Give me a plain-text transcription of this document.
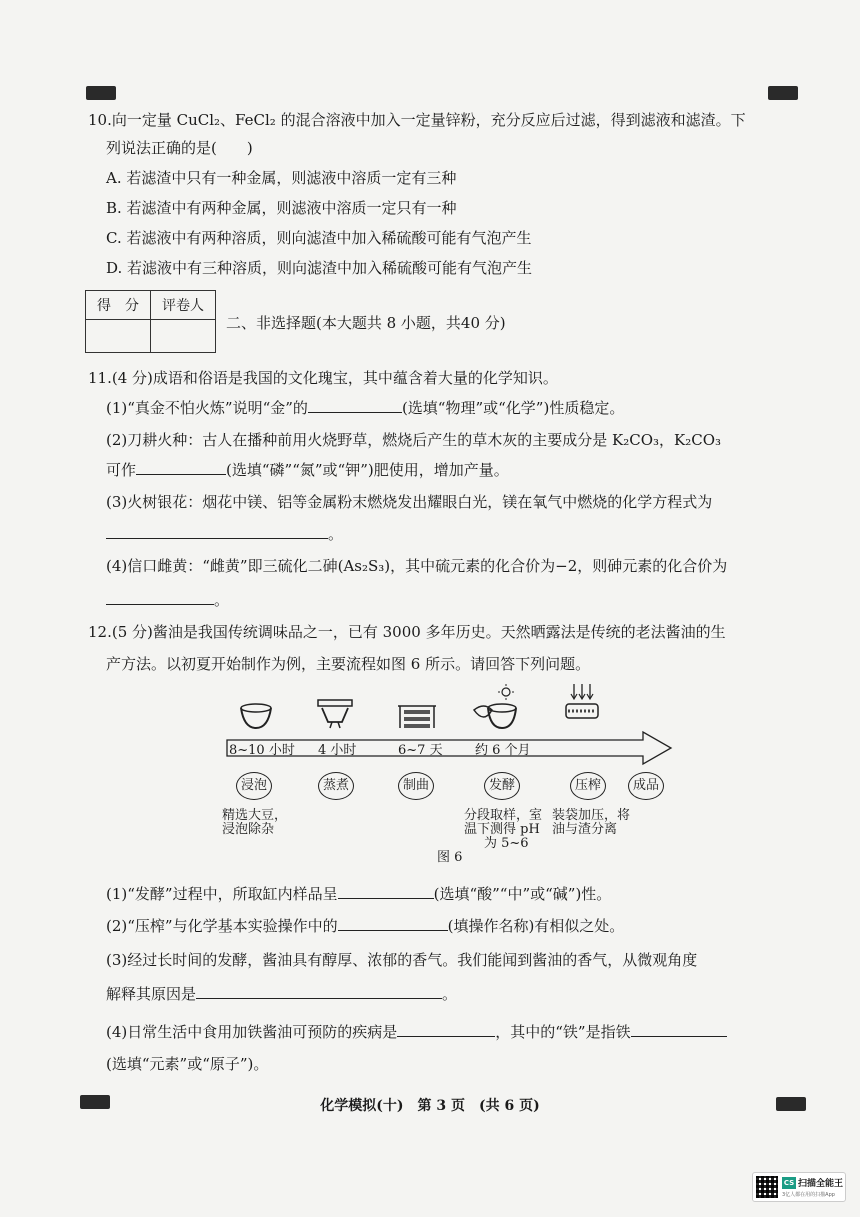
10.向一定量 CuCl₂、FeCl₂ 的混合溶液中加入一定量锌粉，充分反应后过滤，得到滤液和滤渣。下
列说法正确的是(　　)
A. 若滤渣中只有一种金属，则滤液中溶质一定有三种
B. 若滤渣中有两种金属，则滤液中溶质一定只有一种
C. 若滤液中有两种溶质，则向滤渣中加入稀硫酸可能有气泡产生
D. 若滤液中有三种溶质，则向滤渣中加入稀硫酸可能有气泡产生
得　分	评卷人

二、非选择题(本大题共 8 小题，共40 分)
11.(4 分)成语和俗语是我国的文化瑰宝，其中蕴含着大量的化学知识。
(1)“真金不怕火炼”说明“金”的	(选填“物理”或“化学”)性质稳定。
(2)刀耕火种：古人在播种前用火烧野草，燃烧后产生的草木灰的主要成分是 K₂CO₃，K₂CO₃
可作	(选填“磷”“氮”或“钾”)肥使用，增加产量。
(3)火树银花：烟花中镁、铝等金属粉末燃烧发出耀眼白光，镁在氧气中燃烧的化学方程式为
。
(4)信口雌黄：“雌黄”即三硫化二砷(As₂S₃)，其中硫元素的化合价为−2，则砷元素的化合价为
。
12.(5 分)酱油是我国传统调味品之一，已有 3000 多年历史。天然晒露法是传统的老法酱油的生
产方法。以初夏开始制作为例，主要流程如图 6 所示。请回答下列问题。
8~10 小时 4 小时	6~7 天 约 6 个月
浸泡	蒸煮	制曲	发酵	压榨	成品
精选大豆，
浸泡除杂
分段取样，室
温下测得 pH
为 5~6
装袋加压，将
油与渣分离
图 6
(1)“发酵”过程中，所取缸内样品呈	(选填“酸”“中”或“碱”)性。
(2)“压榨”与化学基本实验操作中的	(填操作名称)有相似之处。
(3)经过长时间的发酵，酱油具有醇厚、浓郁的香气。我们能闻到酱油的香气，从微观角度
解释其原因是	。
(4)日常生活中食用加铁酱油可预防的疾病是	，其中的“铁”是指铁
(选填“元素”或“原子”)。
化学模拟(十)　第 3 页　(共 6 页)
CS 扫描全能王
3亿人都在用的扫描App
